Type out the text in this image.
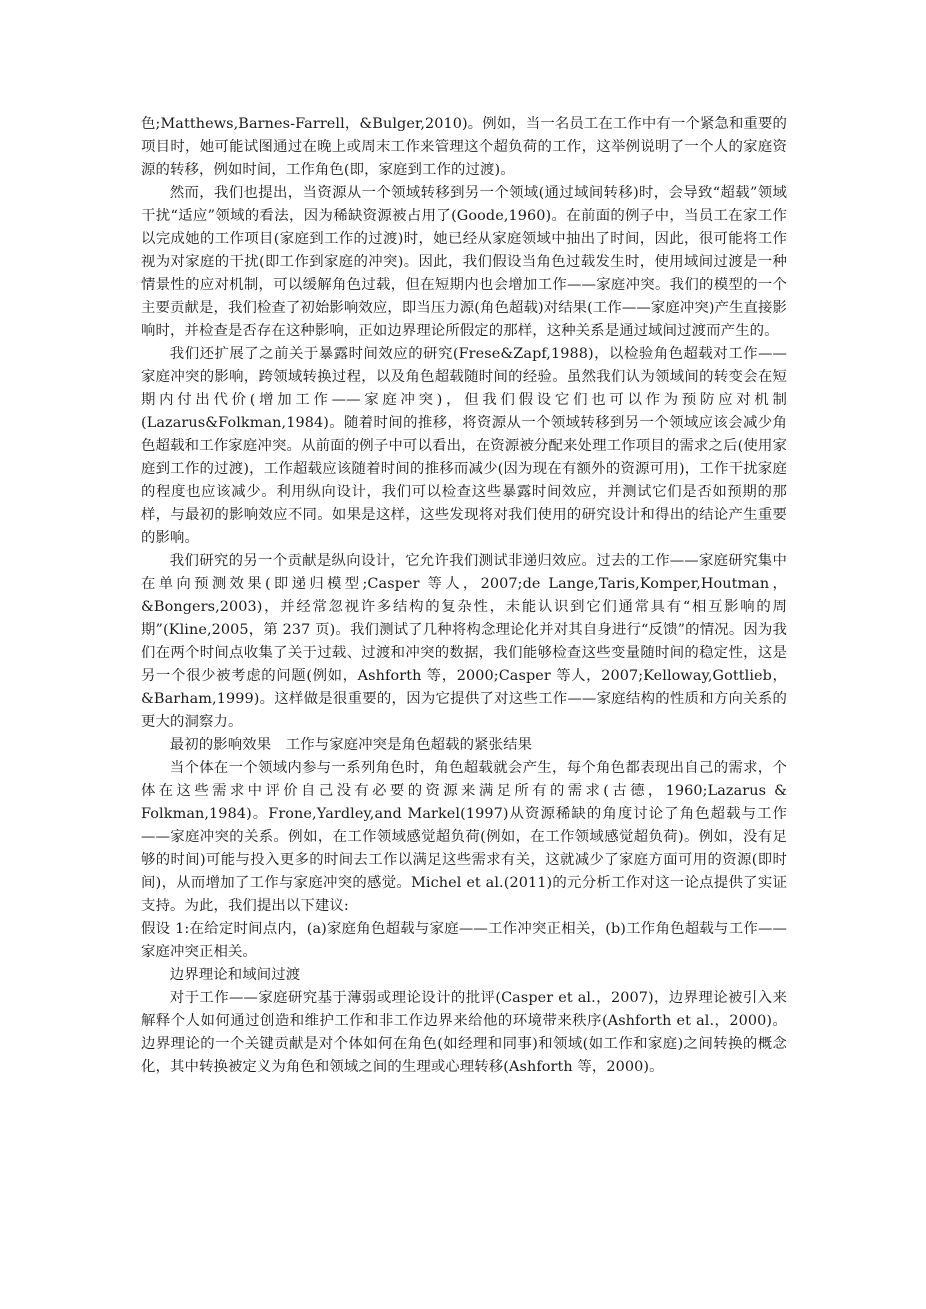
色;Matthews,Barnes-Farrell，&Bulger,2010)。例如，当一名员工在工作中有一个紧急和重要的项目时，她可能试图通过在晚上或周末工作来管理这个超负荷的工作，这举例说明了一个人的家庭资源的转移，例如时间，工作角色(即，家庭到工作的过渡)。

然而，我们也提出，当资源从一个领域转移到另一个领域(通过域间转移)时，会导致“超载”领域干扰“适应”领域的看法，因为稀缺资源被占用了(Goode,1960)。在前面的例子中，当员工在家工作以完成她的工作项目(家庭到工作的过渡)时，她已经从家庭领域中抽出了时间，因此，很可能将工作视为对家庭的干扰(即工作到家庭的冲突)。因此，我们假设当角色过载发生时，使用域间过渡是一种情景性的应对机制，可以缓解角色过载，但在短期内也会增加工作——家庭冲突。我们的模型的一个主要贡献是，我们检查了初始影响效应，即当压力源(角色超载)对结果(工作——家庭冲突)产生直接影响时，并检查是否存在这种影响，正如边界理论所假定的那样，这种关系是通过域间过渡而产生的。

我们还扩展了之前关于暴露时间效应的研究(Frese&Zapf,1988)，以检验角色超载对工作——家庭冲突的影响，跨领域转换过程，以及角色超载随时间的经验。虽然我们认为领域间的转变会在短期内付出代价(增加工作——家庭冲突)，但我们假设它们也可以作为预防应对机制(Lazarus&Folkman,1984)。随着时间的推移，将资源从一个领域转移到另一个领域应该会减少角色超载和工作家庭冲突。从前面的例子中可以看出，在资源被分配来处理工作项目的需求之后(使用家庭到工作的过渡)，工作超载应该随着时间的推移而减少(因为现在有额外的资源可用)，工作干扰家庭的程度也应该减少。利用纵向设计，我们可以检查这些暴露时间效应，并测试它们是否如预期的那样，与最初的影响效应不同。如果是这样，这些发现将对我们使用的研究设计和得出的结论产生重要的影响。

我们研究的另一个贡献是纵向设计，它允许我们测试非递归效应。过去的工作——家庭研究集中在单向预测效果(即递归模型;Casper 等人，2007;de Lange,Taris,Komper,Houtman，&Bongers,2003)，并经常忽视许多结构的复杂性，未能认识到它们通常具有“相互影响的周期”(Kline,2005，第 237 页)。我们测试了几种将构念理论化并对其自身进行“反馈”的情况。因为我们在两个时间点收集了关于过载、过渡和冲突的数据，我们能够检查这些变量随时间的稳定性，这是另一个很少被考虑的问题(例如，Ashforth 等，2000;Casper 等人，2007;Kelloway,Gottlieb，&Barham,1999)。这样做是很重要的，因为它提供了对这些工作——家庭结构的性质和方向关系的更大的洞察力。

最初的影响效果　工作与家庭冲突是角色超载的紧张结果

当个体在一个领域内参与一系列角色时，角色超载就会产生，每个角色都表现出自己的需求，个体在这些需求中评价自己没有必要的资源来满足所有的需求(古德，1960;Lazarus & Folkman,1984)。Frone,Yardley,and Markel(1997)从资源稀缺的角度讨论了角色超载与工作——家庭冲突的关系。例如，在工作领域感觉超负荷(例如，在工作领域感觉超负荷)。例如，没有足够的时间)可能与投入更多的时间去工作以满足这些需求有关，这就减少了家庭方面可用的资源(即时间)，从而增加了工作与家庭冲突的感觉。Michel et al.(2011)的元分析工作对这一论点提供了实证支持。为此，我们提出以下建议:

假设 1:在给定时间点内，(a)家庭角色超载与家庭——工作冲突正相关，(b)工作角色超载与工作——家庭冲突正相关。

边界理论和域间过渡

对于工作——家庭研究基于薄弱或理论设计的批评(Casper et al.，2007)，边界理论被引入来解释个人如何通过创造和维护工作和非工作边界来给他的环境带来秩序(Ashforth et al.，2000)。边界理论的一个关键贡献是对个体如何在角色(如经理和同事)和领域(如工作和家庭)之间转换的概念化，其中转换被定义为角色和领域之间的生理或心理转移(Ashforth 等，2000)。
